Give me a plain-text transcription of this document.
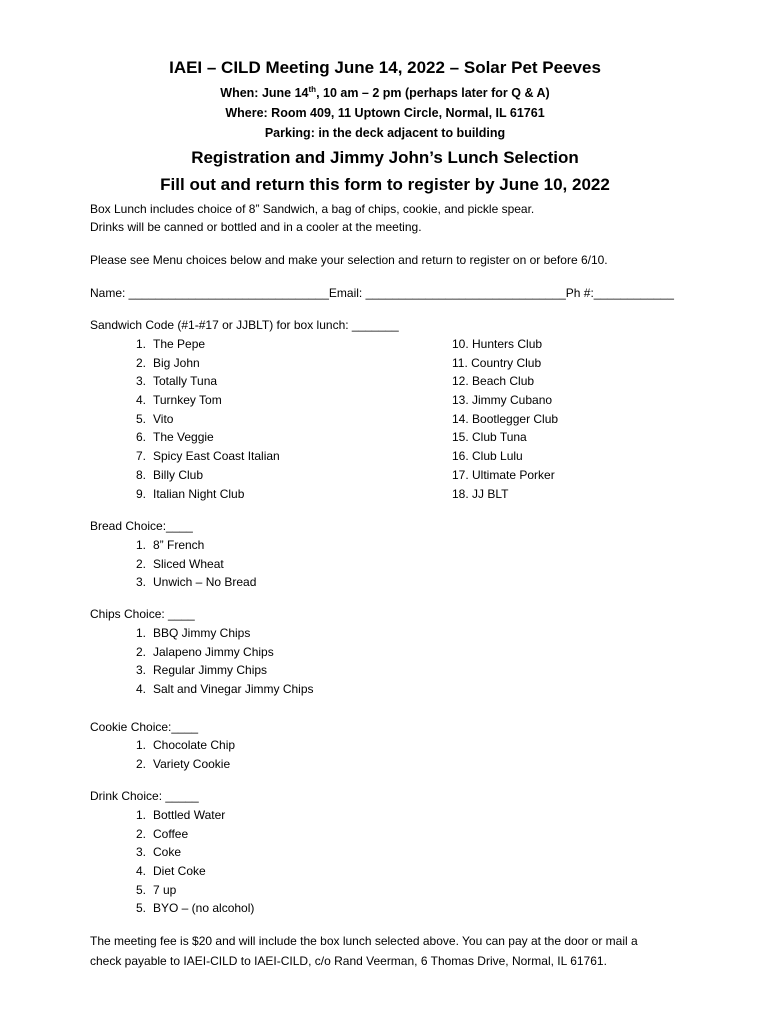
IAEI – CILD Meeting June 14, 2022 – Solar Pet Peeves
When: June 14th, 10 am – 2 pm (perhaps later for Q & A)
Where: Room 409, 11 Uptown Circle, Normal, IL 61761
Parking: in the deck adjacent to building
Registration and Jimmy John’s Lunch Selection
Fill out and return this form to register by June 10, 2022
Box Lunch includes choice of 8” Sandwich, a bag of chips, cookie, and pickle spear.
Drinks will be canned or bottled and in a cooler at the meeting.
Please see Menu choices below and make your selection and return to register on or before 6/10.
Name: ______________________________Email: ______________________________Ph #:____________
Sandwich Code (#1-#17 or JJBLT) for box lunch: _______
1. The Pepe
2. Big John
3. Totally Tuna
4. Turnkey Tom
5. Vito
6. The Veggie
7. Spicy East Coast Italian
8. Billy Club
9. Italian Night Club
10. Hunters Club
11. Country Club
12. Beach Club
13. Jimmy Cubano
14. Bootlegger Club
15. Club Tuna
16. Club Lulu
17. Ultimate Porker
18. JJ BLT
Bread Choice:____
1. 8” French
2. Sliced Wheat
3. Unwich – No Bread
Chips Choice: ____
1. BBQ Jimmy Chips
2. Jalapeno Jimmy Chips
3. Regular Jimmy Chips
4. Salt and Vinegar Jimmy Chips
Cookie Choice:____
1. Chocolate Chip
2. Variety Cookie
Drink Choice: _____
1. Bottled Water
2. Coffee
3. Coke
4. Diet Coke
5. 7 up
5. BYO – (no alcohol)
The meeting fee is $20 and will include the box lunch selected above. You can pay at the door or mail a
check payable to IAEI-CILD to IAEI-CILD, c/o Rand Veerman, 6 Thomas Drive, Normal, IL 61761.
